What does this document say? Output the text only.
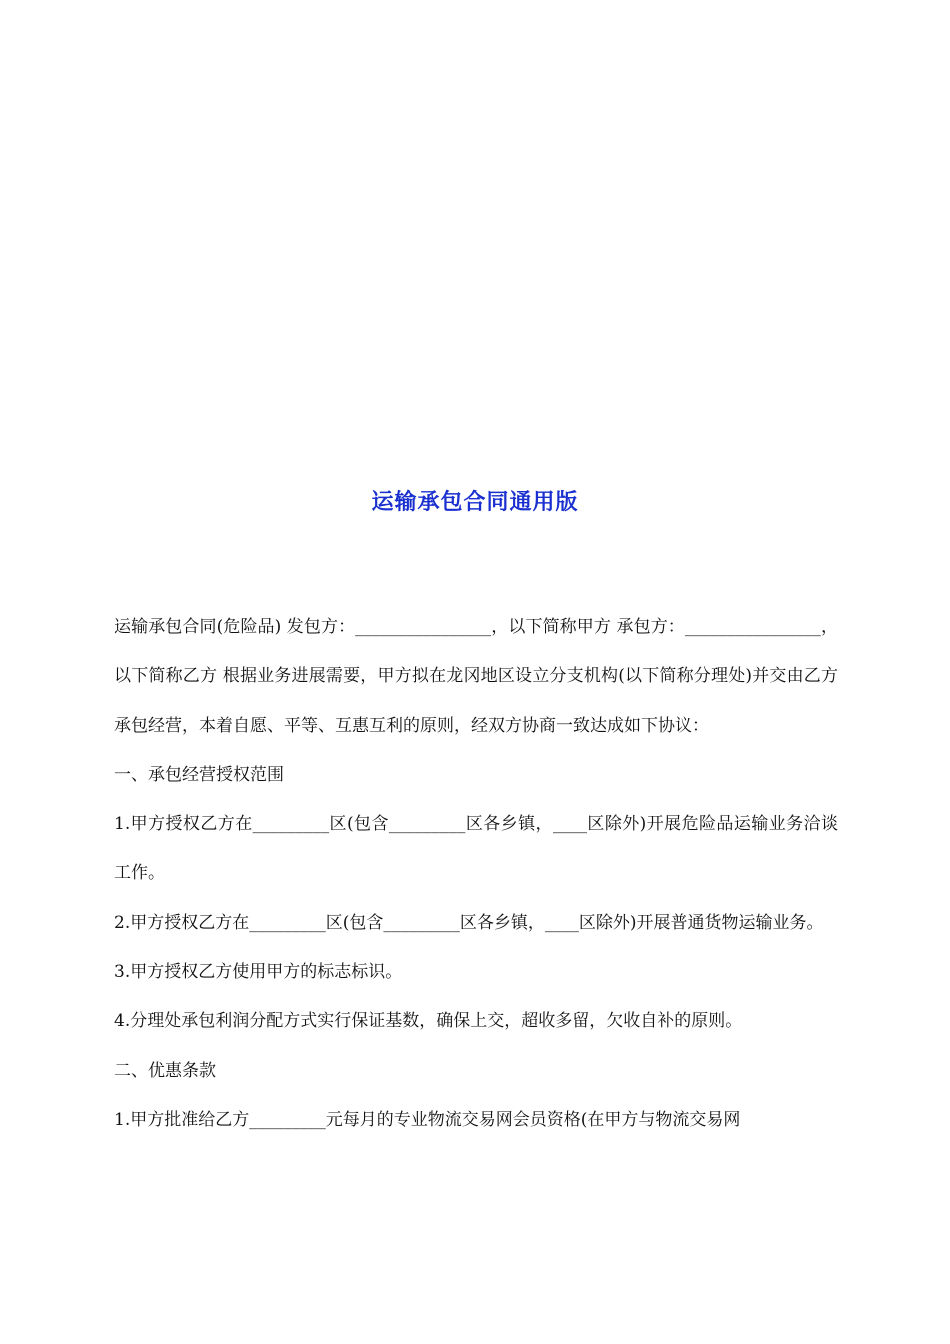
运输承包合同通用版

运输承包合同(危险品) 发包方：________________，以下简称甲方 承包方：________________，以下简称乙方 根据业务进展需要，甲方拟在龙冈地区设立分支机构(以下简称分理处)并交由乙方承包经营，本着自愿、平等、互惠互利的原则，经双方协商一致达成如下协议：

一、承包经营授权范围

1.甲方授权乙方在_________区(包含_________区各乡镇，____区除外)开展危险品运输业务洽谈工作。

2.甲方授权乙方在_________区(包含_________区各乡镇，____区除外)开展普通货物运输业务。

3.甲方授权乙方使用甲方的标志标识。

4.分理处承包利润分配方式实行保证基数，确保上交，超收多留，欠收自补的原则。

二、优惠条款

1.甲方批准给乙方_________元每月的专业物流交易网会员资格(在甲方与物流交易网
